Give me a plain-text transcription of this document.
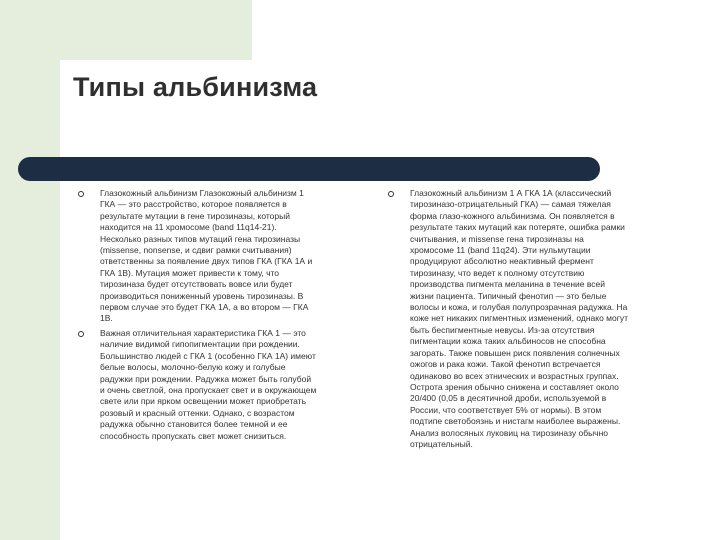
Типы альбинизма
Глазокожный альбинизм Глазокожный альбинизм 1
ГКА — это расстройство, которое появляется в
результате мутации в гене тирозиназы, который
находится на 11 хромосоме (band 11q14-21).
Несколько разных типов мутаций гена тирозиназы
(missense, nonsense, и сдвиг рамки считывания)
ответственны за появление двух типов ГКА (ГКА 1А и
ГКА 1В). Мутация может привести к тому, что
тирозиназа будет отсутствовать вовсе или будет
производиться пониженный уровень тирозиназы. В
первом случае это будет ГКА 1А, а во втором — ГКА
1В.
Важная отличительная характеристика ГКА 1 — это
наличие видимой гипопигментации при рождении.
Большинство людей с ГКА 1 (особенно ГКА 1А) имеют
белые волосы, молочно-белую кожу и голубые
радужки при рождении. Радужка может быть голубой
и очень светлой, она пропускает свет и в окружающем
свете или при ярком освещении может приобретать
розовый и красный оттенки. Однако, с возрастом
радужка обычно становится более темной и ее
способность пропускать свет может снизиться.
Глазокожный альбинизм 1 А ГКА 1А (классический
тирозиназо-отрицательный ГКА) — самая тяжелая
форма глазо-кожного альбинизма. Он появляется в
результате таких мутаций как потеряте, ошибка рамки
считывания, и missense гена тирозиназы на
хромосоме 11 (band 11q24). Эти нульмутации
продуцируют абсолютно неактивный фермент
тирозиназу, что ведет к полному отсутствию
производства пигмента меланина в течение всей
жизни пациента. Типичный фенотип — это белые
волосы и кожа, и голубая полупрозрачная радужка. На
коже нет никаких пигментных изменений, однако могут
быть беспигментные невусы. Из-за отсутствия
пигментации кожа таких альбиносов не способна
загорать. Также повышен риск появления солнечных
ожогов и рака кожи. Такой фенотип встречается
одинаково во всех этнических и возрастных группах.
Острота зрения обычно снижена и составляет около
20/400 (0,05 в десятичной дроби, используемой в
России, что соответствует 5% от нормы). В этом
подтипе светобоязнь и нистагм наиболее выражены.
Анализ волосяных луковиц на тирозиназу обычно
отрицательный.
